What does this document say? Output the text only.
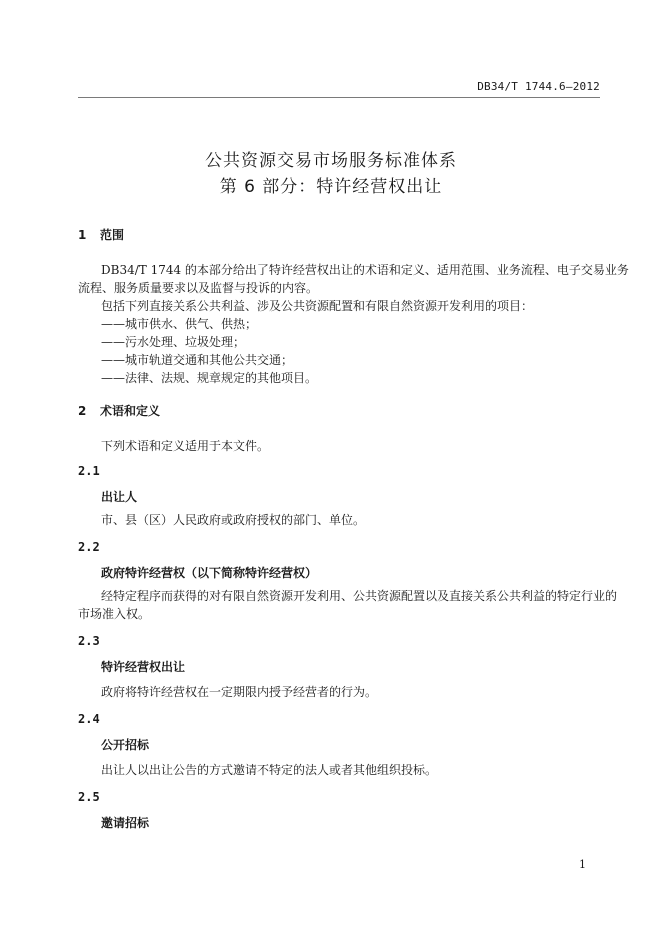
DB34/T 1744.6—2012
公共资源交易市场服务标准体系
第 6 部分：特许经营权出让
1 范围
DB34/T 1744 的本部分给出了特许经营权出让的术语和定义、适用范围、业务流程、电子交易业务
流程、服务质量要求以及监督与投诉的内容。
包括下列直接关系公共利益、涉及公共资源配置和有限自然资源开发利用的项目：
——城市供水、供气、供热；
——污水处理、垃圾处理；
——城市轨道交通和其他公共交通；
——法律、法规、规章规定的其他项目。
2 术语和定义
下列术语和定义适用于本文件。
2.1
出让人
市、县（区）人民政府或政府授权的部门、单位。
2.2
政府特许经营权（以下简称特许经营权）
经特定程序而获得的对有限自然资源开发利用、公共资源配置以及直接关系公共利益的特定行业的
市场准入权。
2.3
特许经营权出让
政府将特许经营权在一定期限内授予经营者的行为。
2.4
公开招标
出让人以出让公告的方式邀请不特定的法人或者其他组织投标。
2.5
邀请招标
1
